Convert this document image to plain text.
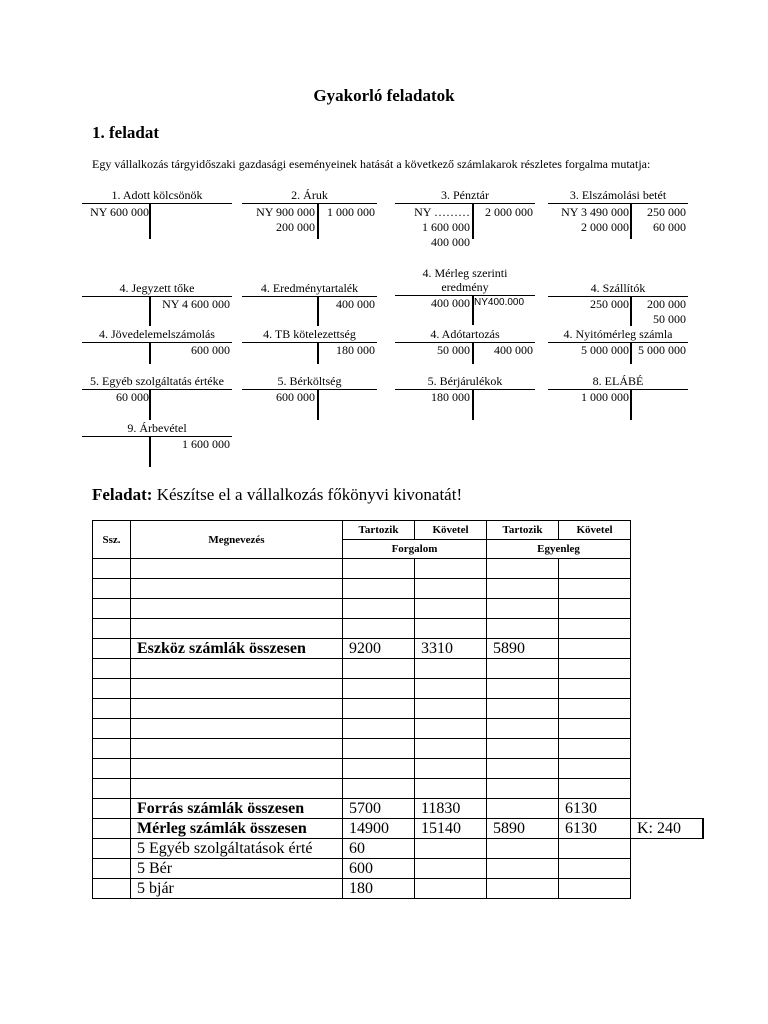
Gyakorló feladatok
1. feladat
Egy vállalkozás tárgyidőszaki gazdasági eseményeinek hatását a következő számlakarok részletes forgalma mutatja:
1. Adott kölcsönök
NY 600 000
2. Áruk
NY 900 000
200 000
1 000 000
3. Pénztár
NY ………
1 600 000
400 000
2 000 000
3. Elszámolási betét
NY 3 490 000
2 000 000
250 000
60 000
4. Jegyzett tőke
NY 4 600 000
4. Eredménytartalék
400 000
4. Mérleg szerinti
eredmény
400 000 NY400.000
4. Szállítók
250 000 200 000
50 000
4. Jövedelemelszámolás
600 000
4. TB kötelezettség
180 000
4. Adótartozás
50 000 400 000
4. Nyitómérleg számla
5 000 000 5 000 000
5. Egyéb szolgáltatás értéke
60 000
5. Bérköltség
600 000
5. Bérjárulékok
180 000
8. ELÁBÉ
1 000 000
9. Árbevétel
1 600 000
Feladat: Készítse el a vállalkozás főkönyvi kivonatát!
Ssz.	Megnevezés	Tartozik	Követel	Tartozik	Követel	
		Forgalom		Egyenleg		

	Eszköz számlák összesen	9200	3310	5890		

	Forrás számlák összesen	5700	11830		6130	
	Mérleg számlák összesen	14900	15140	5890	6130	K: 240
	5 Egyéb szolgáltatások érté	60				
	5 Bér	600				
	5 bjár	180				
